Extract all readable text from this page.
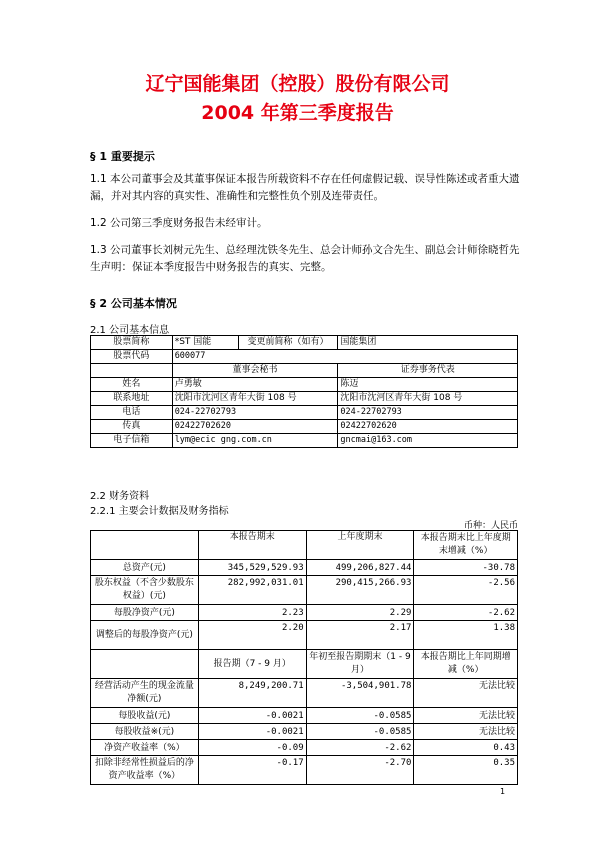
辽宁国能集团（控股）股份有限公司
2004 年第三季度报告
§ 1 重要提示
1.1 本公司董事会及其董事保证本报告所载资料不存在任何虚假记载、误导性陈述或者重大遗漏，并对其内容的真实性、准确性和完整性负个别及连带责任。
1.2 公司第三季度财务报告未经审计。
1.3 公司董事长刘树元先生、总经理沈铁冬先生、总会计师孙文合先生、副总会计师徐晓哲先生声明：保证本季度报告中财务报告的真实、完整。
§ 2 公司基本情况
2.1 公司基本信息
股票简称	*ST 国能	变更前简称（如有）	国能集团
股票代码	600077		
	董事会秘书		证券事务代表
姓名	卢勇敏		陈迈
联系地址	沈阳市沈河区青年大街 108 号		沈阳市沈河区青年大街 108 号
电话	024-22702793		024-22702793
传真	02422702620		02422702620
电子信箱	lym@ecic gng.com.cn		gncmai@163.com
2.2 财务资料
2.2.1 主要会计数据及财务指标
币种：人民币
	本报告期末	上年度期末	本报告期末比上年度期末增减（%）
总资产(元)	345,529,529.93	499,206,827.44	-30.78
股东权益（不含少数股东权益）(元)	282,992,031.01	290,415,266.93	-2.56
每股净资产(元)	2.23	2.29	-2.62
调整后的每股净资产(元)	2.20	2.17	1.38
	报告期（7 - 9 月）	年初至报告期期末（1 - 9 月）	本报告期比上年同期增减（%）
经营活动产生的现金流量净额(元)	8,249,200.71	-3,504,901.78	无法比较
每股收益(元)	-0.0021	-0.0585	无法比较
每股收益※(元)	-0.0021	-0.0585	无法比较
净资产收益率（%）	-0.09	-2.62	0.43
扣除非经常性损益后的净资产收益率（%）	-0.17	-2.70	0.35
1
